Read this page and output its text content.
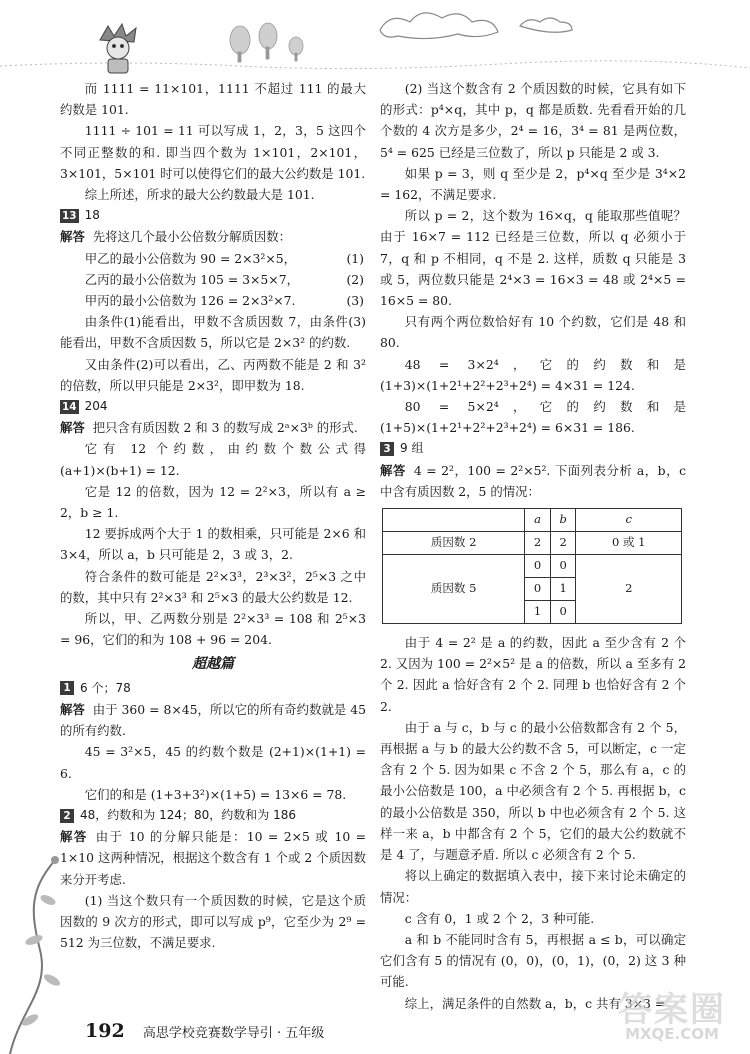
而 1111 = 11×101，1111 不超过 111 的最大约数是 101.

1111 ÷ 101 = 11 可以写成 1，2，3，5 这四个不同正整数的和. 即当四个数为 1×101，2×101，3×101，5×101 时可以使得它们的最大公约数是 101.

综上所述，所求的最大公约数最大是 101.

13 18

解答 先将这几个最小公倍数分解质因数：

甲乙的最小公倍数为 90 = 2×3²×5，	(1)
乙丙的最小公倍数为 105 = 3×5×7，	(2)
甲丙的最小公倍数为 126 = 2×3²×7.	(3)

由条件(1)能看出，甲数不含质因数 7，由条件(3)能看出，甲数不含质因数 5，所以它是 2×3² 的约数.

又由条件(2)可以看出，乙、丙两数不能是 2 和 3² 的倍数，所以甲只能是 2×3²，即甲数为 18.

14 204

解答 把只含有质因数 2 和 3 的数写成 2ᵃ×3ᵇ 的形式.

它有 12 个约数，由约数个数公式得 (a+1)×(b+1) = 12.

它是 12 的倍数，因为 12 = 2²×3，所以有 a ≥ 2，b ≥ 1.

12 要拆成两个大于 1 的数相乘，只可能是 2×6 和 3×4，所以 a，b 只可能是 2，3 或 3，2.

符合条件的数可能是 2²×3³，2³×3²，2⁵×3 之中的数，其中只有 2²×3³ 和 2⁵×3 的最大公约数是 12.

所以，甲、乙两数分别是 2²×3³ = 108 和 2⁵×3 = 96，它们的和为 108 + 96 = 204.

超越篇
1 6 个；78

解答 由于 360 = 8×45，所以它的所有奇约数就是 45 的所有约数.

45 = 3²×5，45 的约数个数是 (2+1)×(1+1) = 6.

它们的和是 (1+3+3²)×(1+5) = 13×6 = 78.

2 48，约数和为 124；80，约数和为 186

解答 由于 10 的分解只能是：10 = 2×5 或 10 = 1×10 这两种情况，根据这个数含有 1 个或 2 个质因数来分开考虑.

(1) 当这个数只有一个质因数的时候，它是这个质因数的 9 次方的形式，即可以写成 p⁹，它至少为 2⁹ = 512 为三位数，不满足要求.

(2) 当这个数含有 2 个质因数的时候，它具有如下的形式：p⁴×q，其中 p，q 都是质数. 先看看开始的几个数的 4 次方是多少，2⁴ = 16，3⁴ = 81 是两位数，5⁴ = 625 已经是三位数了，所以 p 只能是 2 或 3.

如果 p = 3，则 q 至少是 2，p⁴×q 至少是 3⁴×2 = 162，不满足要求.

所以 p = 2，这个数为 16×q，q 能取那些值呢？由于 16×7 = 112 已经是三位数，所以 q 必须小于 7，q 和 p 不相同，q 不是 2. 这样，质数 q 只能是 3 或 5，两位数只能是 2⁴×3 = 16×3 = 48 或 2⁴×5 = 16×5 = 80.

只有两个两位数恰好有 10 个约数，它们是 48 和 80.

48 = 3×2⁴，它的约数和是 (1+3)×(1+2¹+2²+2³+2⁴) = 4×31 = 124.

80 = 5×2⁴，它的约数和是 (1+5)×(1+2¹+2²+2³+2⁴) = 6×31 = 186.

3 9 组

解答 4 = 2²，100 = 2²×5². 下面列表分析 a，b，c 中含有质因数 2，5 的情况：

	a	b	c
质因数 2	2	2	0 或 1
质因数 5	0	0	2
	0	1	
	1	0	

由于 4 = 2² 是 a 的约数，因此 a 至少含有 2 个 2. 又因为 100 = 2²×5² 是 a 的倍数，所以 a 至多有 2 个 2. 因此 a 恰好含有 2 个 2. 同理 b 也恰好含有 2 个 2.

由于 a 与 c，b 与 c 的最小公倍数都含有 2 个 5，再根据 a 与 b 的最大公约数不含 5，可以断定，c 一定含有 2 个 5. 因为如果 c 不含 2 个 5，那么有 a，c 的最小公倍数是 100，a 中必须含有 2 个 5. 再根据 b，c 的最小公倍数是 350，所以 b 中也必须含有 2 个 5. 这样一来 a，b 中都含有 2 个 5，它们的最大公约数就不是 4 了，与题意矛盾. 所以 c 必须含有 2 个 5.

将以上确定的数据填入表中，接下来讨论未确定的情况：

c 含有 0，1 或 2 个 2，3 种可能.

a 和 b 不能同时含有 5，再根据 a ≤ b，可以确定它们含有 5 的情况有 (0，0)，(0，1)，(0，2) 这 3 种可能.

综上，满足条件的自然数 a，b，c 共有 3×3 =

192 高思学校竞赛数学导引 · 五年级
答案圈
MXQE.COM
